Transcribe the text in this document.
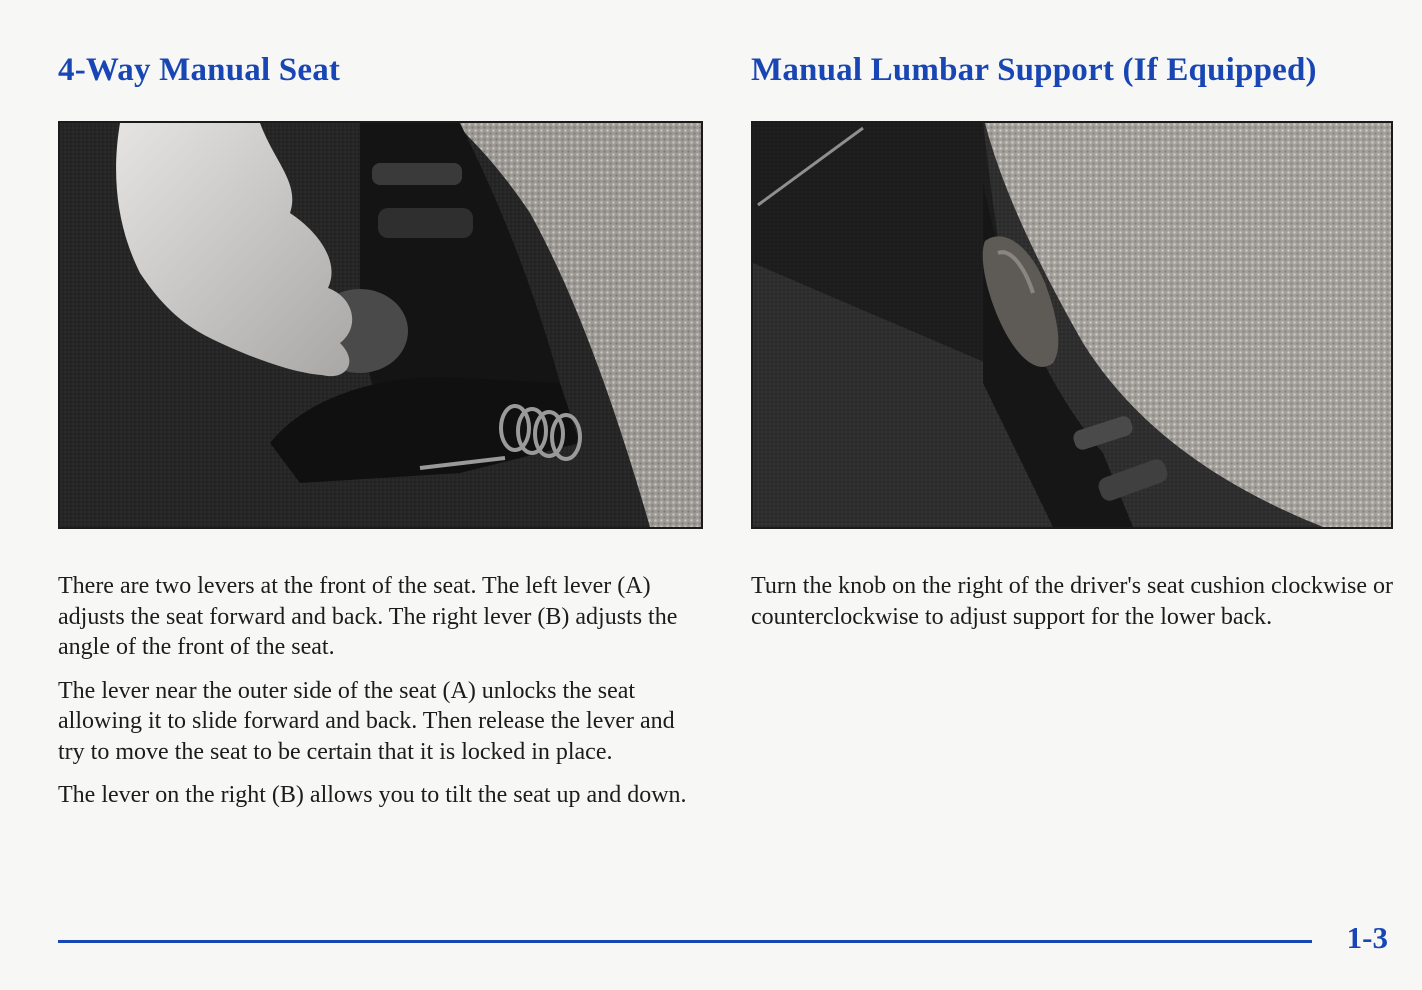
4-Way Manual Seat

There are two levers at the front of the seat. The left lever (A) adjusts the seat forward and back. The right lever (B) adjusts the angle of the front of the seat.

The lever near the outer side of the seat (A) unlocks the seat allowing it to slide forward and back. Then release the lever and try to move the seat to be certain that it is locked in place.

The lever on the right (B) allows you to tilt the seat up and down.

Manual Lumbar Support (If Equipped)

Turn the knob on the right of the driver's seat cushion clockwise or counterclockwise to adjust support for the lower back.

1-3
